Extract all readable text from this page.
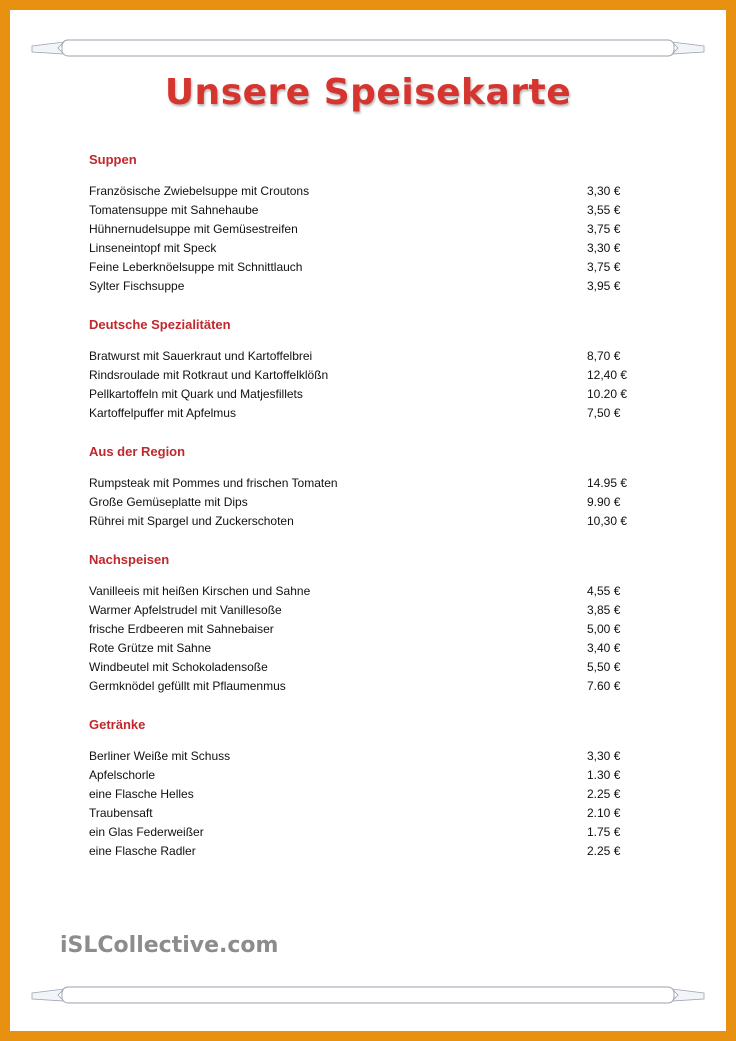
Unsere Speisekarte
Suppen
Französische Zwiebelsuppe mit Croutons	3,30 €
Tomatensuppe mit Sahnehaube	3,55 €
Hühnernudelsuppe mit Gemüsestreifen	3,75 €
Linseneintopf mit Speck	3,30 €
Feine Leberknöelsuppe mit Schnittlauch	3,75 €
Sylter Fischsuppe	3,95 €
Deutsche Spezialitäten
Bratwurst mit Sauerkraut und Kartoffelbrei	8,70 €
Rindsroulade mit Rotkraut und Kartoffelklößn	12,40 €
Pellkartoffeln mit Quark und Matjesfillets	10.20 €
Kartoffelpuffer mit Apfelmus	7,50 €
Aus der Region
Rumpsteak mit Pommes und frischen Tomaten	14.95 €
Große Gemüseplatte mit Dips	9.90 €
Rührei mit Spargel und Zuckerschoten	10,30 €
Nachspeisen
Vanilleeis mit heißen Kirschen und Sahne	4,55 €
Warmer Apfelstrudel mit Vanillesoße	3,85 €
frische Erdbeeren mit Sahnebaiser	5,00 €
Rote Grütze mit Sahne	3,40 €
Windbeutel mit Schokoladensoße	5,50 €
Germknödel gefüllt mit Pflaumenmus	7.60 €
Getränke
Berliner Weiße mit Schuss	3,30 €
Apfelschorle	1.30 €
eine Flasche Helles	2.25 €
Traubensaft	2.10 €
ein Glas Federweißer	1.75 €
eine Flasche Radler	2.25 €
iSLCollective.com
